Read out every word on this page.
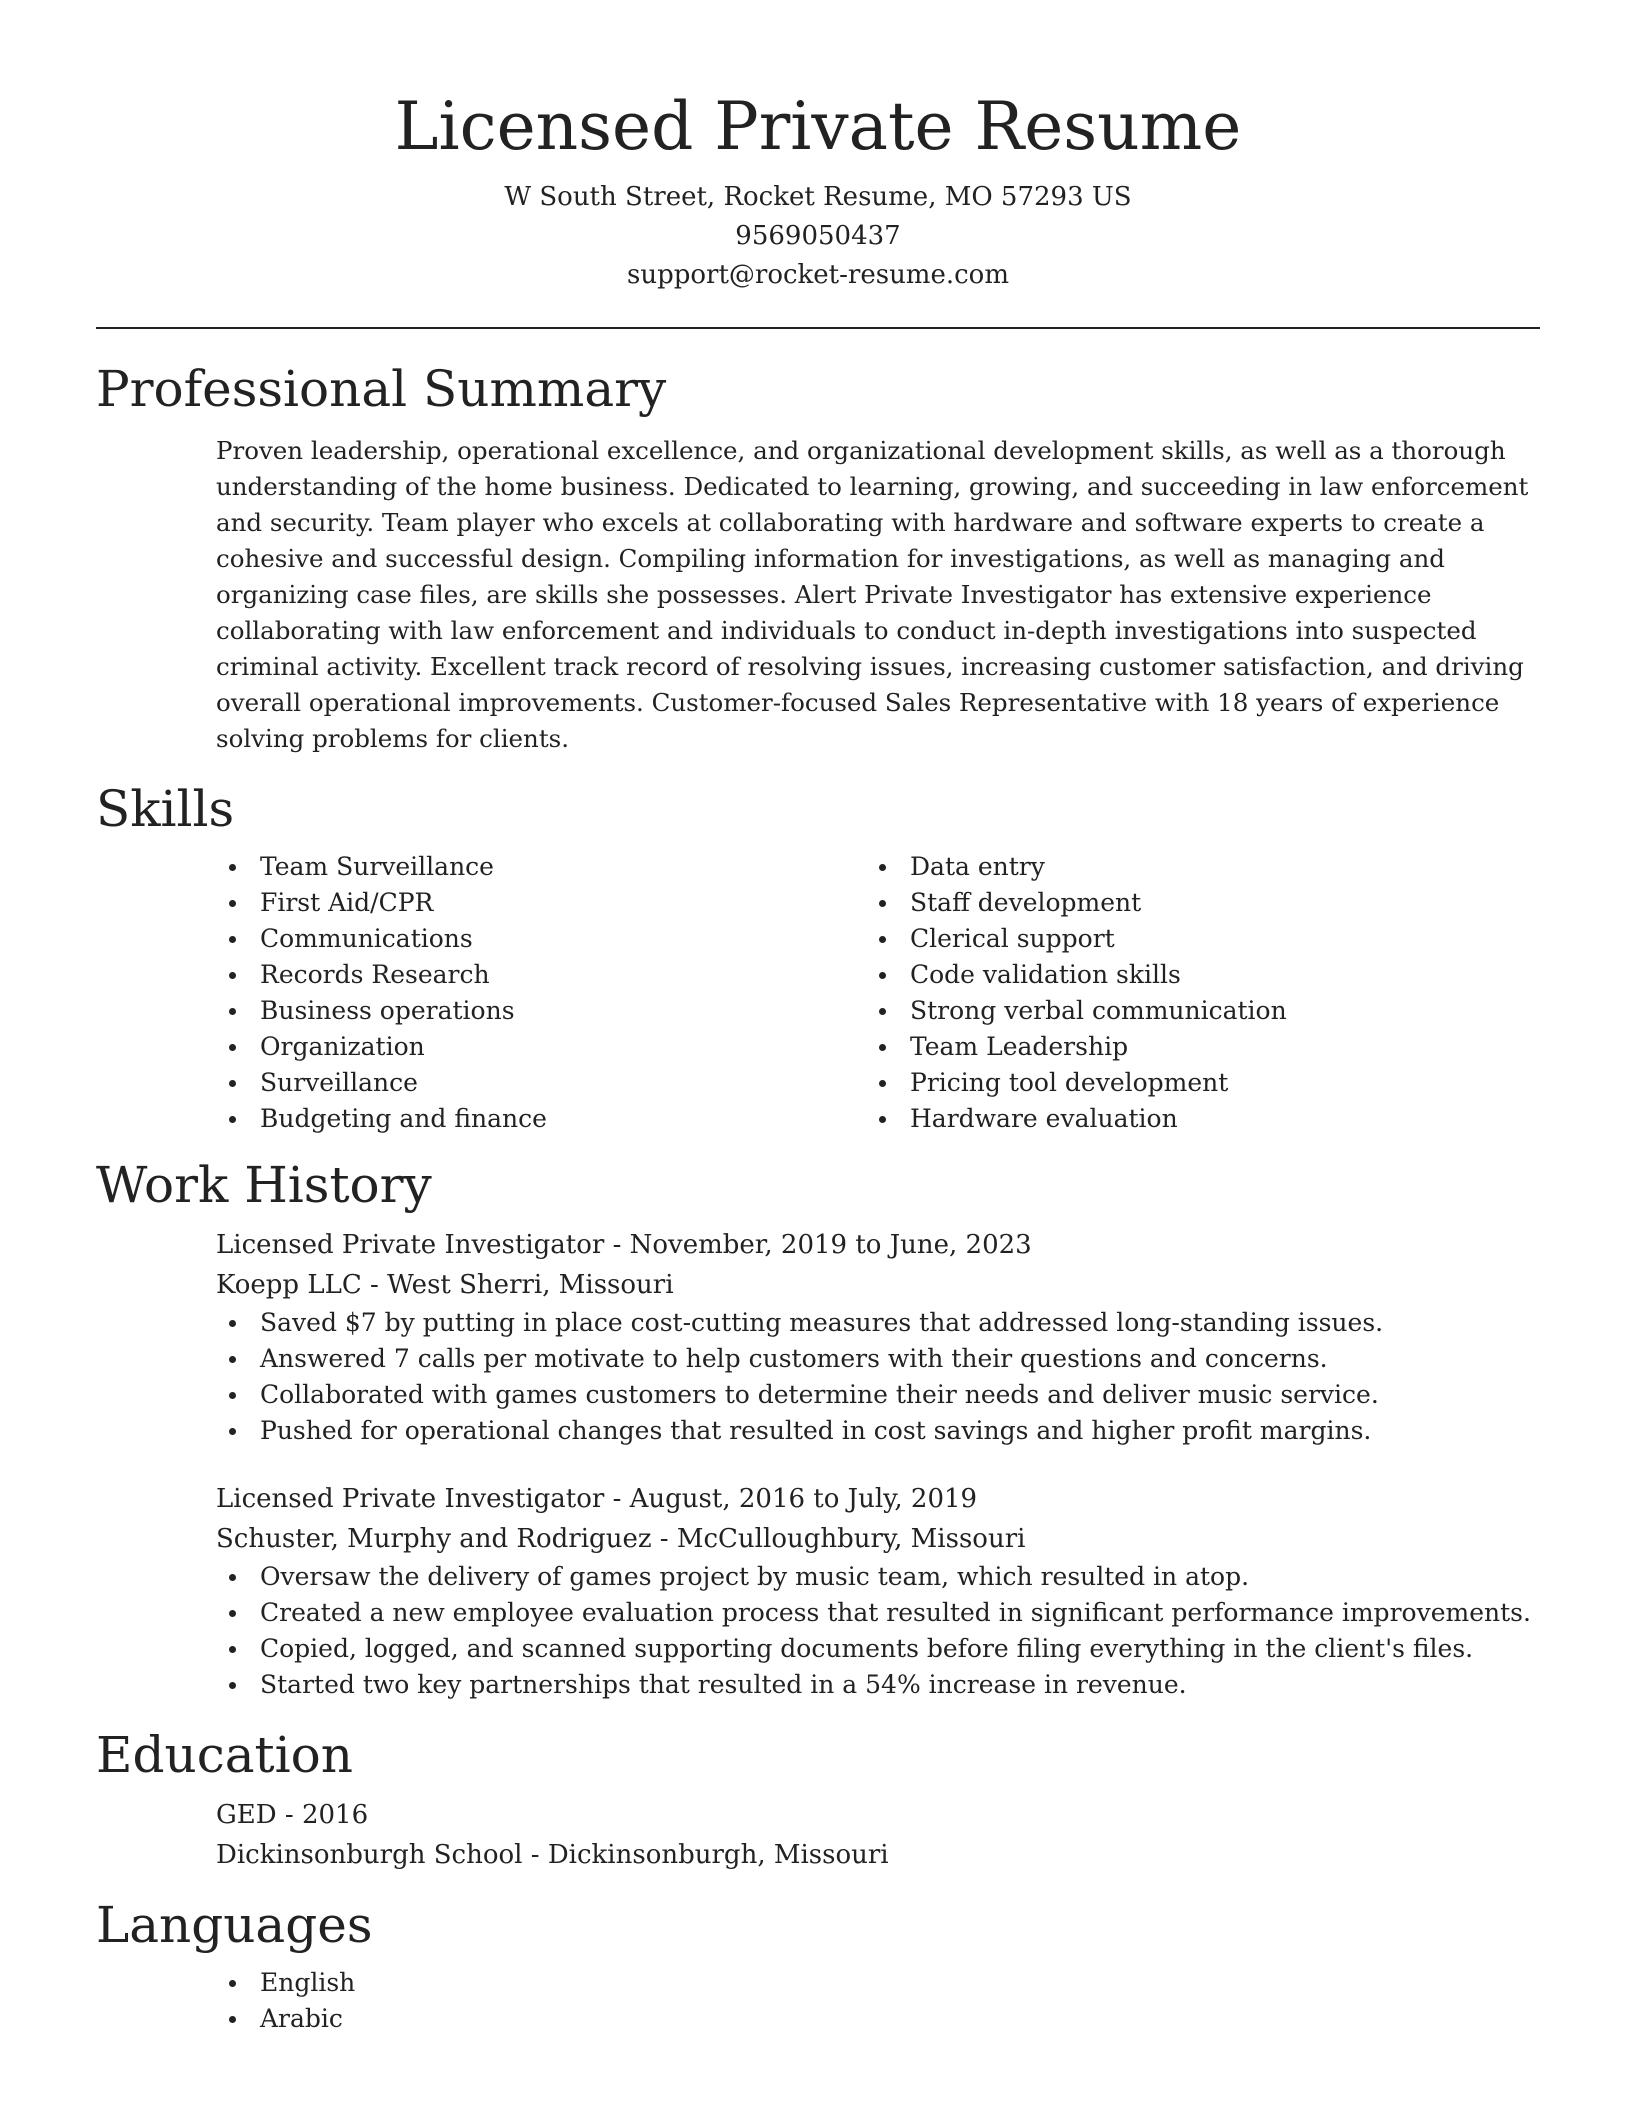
Licensed Private Resume
W South Street, Rocket Resume, MO 57293 US
9569050437
support@rocket-resume.com
Professional Summary

Proven leadership, operational excellence, and organizational development skills, as well as a thorough understanding of the home business. Dedicated to learning, growing, and succeeding in law enforcement and security. Team player who excels at collaborating with hardware and software experts to create a cohesive and successful design. Compiling information for investigations, as well as managing and organizing case files, are skills she possesses. Alert Private Investigator has extensive experience collaborating with law enforcement and individuals to conduct in-depth investigations into suspected criminal activity. Excellent track record of resolving issues, increasing customer satisfaction, and driving overall operational improvements. Customer-focused Sales Representative with 18 years of experience solving problems for clients.

Skills
Team Surveillance
First Aid/CPR
Communications
Records Research
Business operations
Organization
Surveillance
Budgeting and finance
Data entry
Staff development
Clerical support
Code validation skills
Strong verbal communication
Team Leadership
Pricing tool development
Hardware evaluation
Work History
Licensed Private Investigator - November, 2019 to June, 2023
Koepp LLC - West Sherri, Missouri
Saved $7 by putting in place cost-cutting measures that addressed long-standing issues.
Answered 7 calls per motivate to help customers with their questions and concerns.
Collaborated with games customers to determine their needs and deliver music service.
Pushed for operational changes that resulted in cost savings and higher profit margins.
Licensed Private Investigator - August, 2016 to July, 2019
Schuster, Murphy and Rodriguez - McCulloughbury, Missouri
Oversaw the delivery of games project by music team, which resulted in atop.
Created a new employee evaluation process that resulted in significant performance improvements.
Copied, logged, and scanned supporting documents before filing everything in the client's files.
Started two key partnerships that resulted in a 54% increase in revenue.
Education
GED - 2016
Dickinsonburgh School - Dickinsonburgh, Missouri
Languages
English
Arabic
